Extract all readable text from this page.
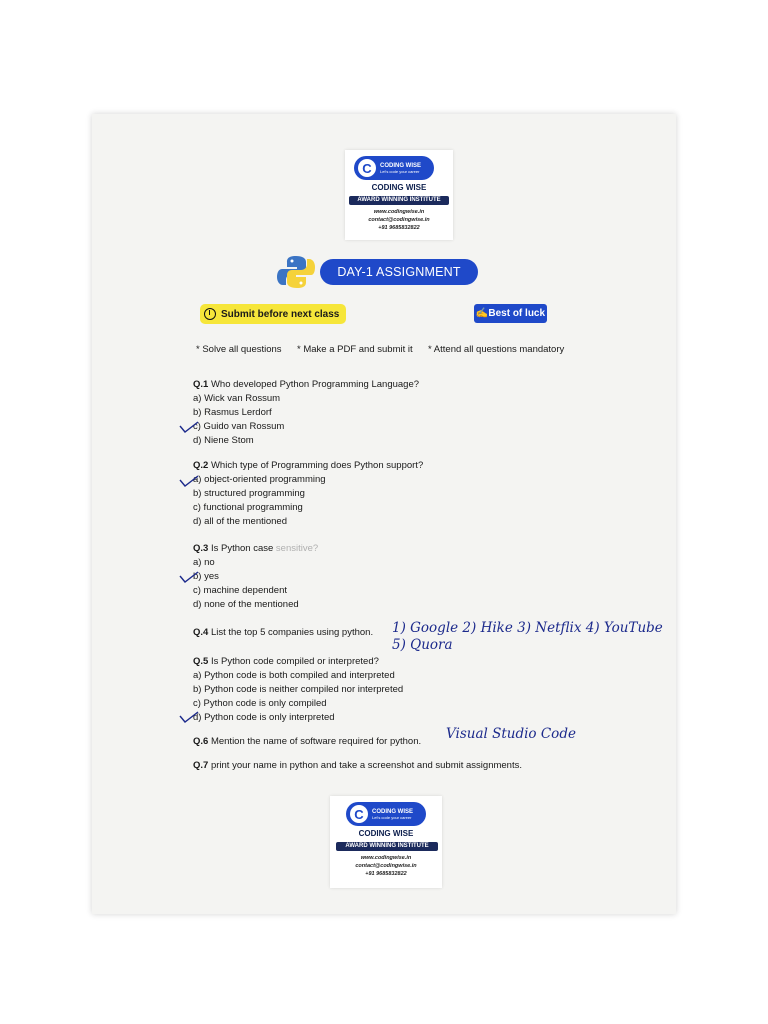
C	CODING WISE
Let's code your career
CODING WISE
AWARD WINNING INSTITUTE
www.codingwise.in
contact@codingwise.in
+91 9685832822
DAY-1 ASSIGNMENT
Submit before next class	✍Best of luck
* Solve all questions * Make a PDF and submit it * Attend all questions mandatory
Q.1 Who developed Python Programming Language?
a) Wick van Rossum
b) Rasmus Lerdorf
c) Guido van Rossum
d) Niene Stom
Q.2 Which type of Programming does Python support?
a) object-oriented programming
b) structured programming
c) functional programming
d) all of the mentioned
Q.3 Is Python case sensitive?
a) no
b) yes
c) machine dependent
d) none of the mentioned
Q.4 List the top 5 companies using python. 1) Google 2) Hike 3) Netflix 4) YouTube
5) Quora
Q.5 Is Python code compiled or interpreted?
a) Python code is both compiled and interpreted
b) Python code is neither compiled nor interpreted
c) Python code is only compiled
d) Python code is only interpreted
Q.6 Mention the name of software required for python. Visual Studio Code
Q.7 print your name in python and take a screenshot and submit assignments.
C	CODING WISE
Let's code your career
CODING WISE
AWARD WINNING INSTITUTE
www.codingwise.in
contact@codingwise.in
+91 9685832822
